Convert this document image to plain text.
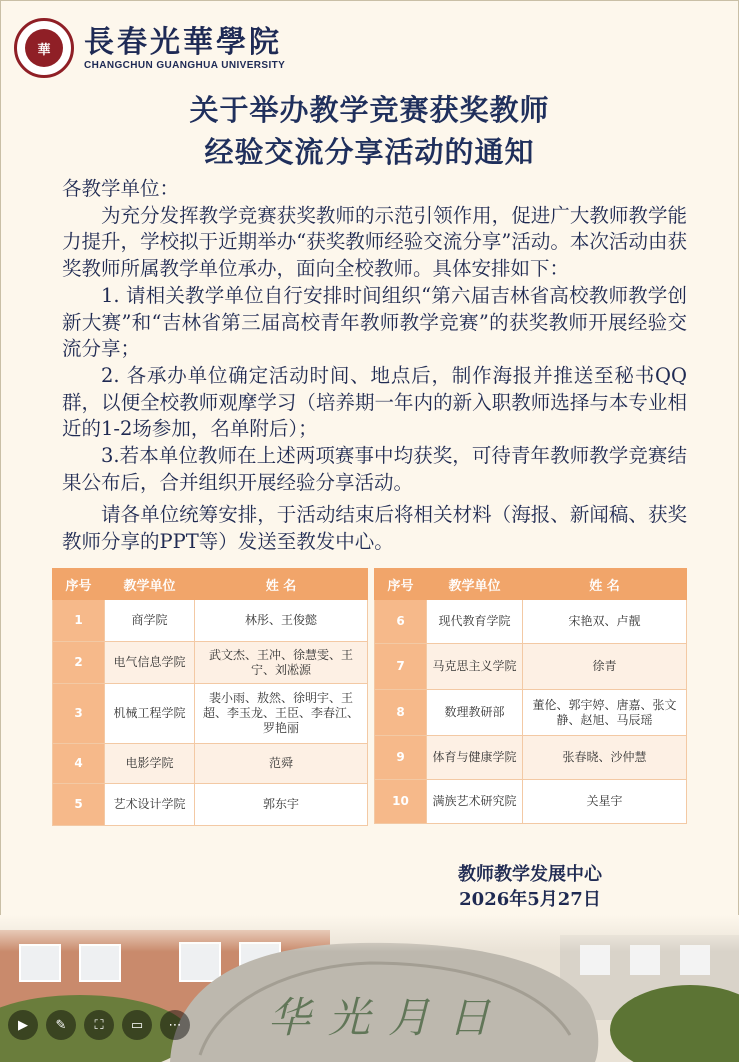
華	長春光華學院
CHANGCHUN GUANGHUA UNIVERSITY
关于举办教学竞赛获奖教师
经验交流分享活动的通知

各教学单位：

为充分发挥教学竞赛获奖教师的示范引领作用，促进广大教师教学能力提升，学校拟于近期举办“获奖教师经验交流分享”活动。本次活动由获奖教师所属教学单位承办，面向全校教师。具体安排如下：

1. 请相关教学单位自行安排时间组织“第六届吉林省高校教师教学创新大赛”和“吉林省第三届高校青年教师教学竞赛”的获奖教师开展经验交流分享；

2. 各承办单位确定活动时间、地点后，制作海报并推送至秘书QQ群，以便全校教师观摩学习（培养期一年内的新入职教师选择与本专业相近的1-2场参加，名单附后）；

3.若本单位教师在上述两项赛事中均获奖，可待青年教师教学竞赛结果公布后，合并组织开展经验分享活动。

请各单位统筹安排，于活动结束后将相关材料（海报、新闻稿、获奖教师分享的PPT等）发送至教发中心。

序号	教学单位	姓 名
1	商学院	林彤、王俊懿
2	电气信息学院	武文杰、王冲、徐慧雯、王宁、刘凇源
3	机械工程学院	裴小雨、敖然、徐明宇、王超、李玉龙、王臣、李春江、罗艳丽
4	电影学院	范舜
5	艺术设计学院	郭东宇
序号	教学单位	姓 名
6	现代教育学院	宋艳双、卢靓
7	马克思主义学院	徐青
8	数理教研部	董伦、郭宇婷、唐嘉、张文静、赵旭、马辰瑶
9	体育与健康学院	张春晓、沙仲慧
10	满族艺术研究院	关星宇
教师教学发展中心
2026年5月27日
华光月日
▶	✎	⛶	▭	⋯
